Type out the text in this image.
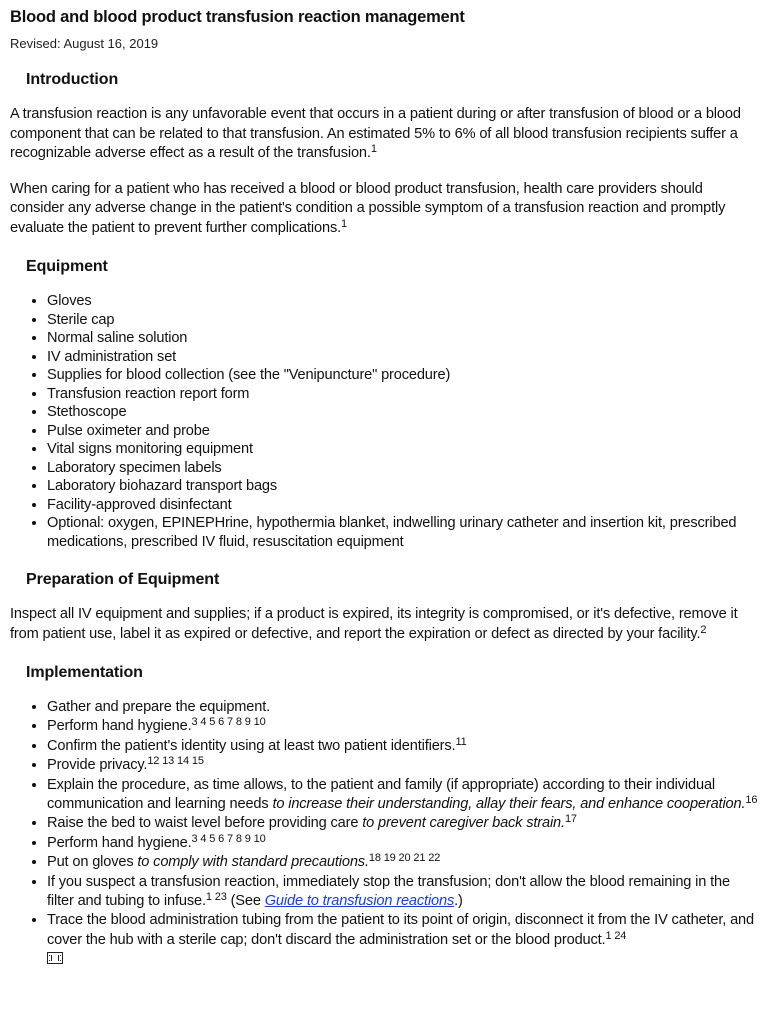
Blood and blood product transfusion reaction management
Revised: August 16, 2019
Introduction

A transfusion reaction is any unfavorable event that occurs in a patient during or after transfusion of blood or a blood component that can be related to that transfusion. An estimated 5% to 6% of all blood transfusion recipients suffer a recognizable adverse effect as a result of the transfusion.$^1$

When caring for a patient who has received a blood or blood product transfusion, health care providers should consider any adverse change in the patient's condition a possible symptom of a transfusion reaction and promptly evaluate the patient to prevent further complications.$^1$

Equipment
• Gloves
• Sterile cap
• Normal saline solution
• IV administration set
• Supplies for blood collection (see the "Venipuncture" procedure)
• Transfusion reaction report form
• Stethoscope
• Pulse oximeter and probe
• Vital signs monitoring equipment
• Laboratory specimen labels
• Laboratory biohazard transport bags
• Facility-approved disinfectant
• Optional: oxygen, EPINEPHrine, hypothermia blanket, indwelling urinary catheter and insertion kit, prescribed medications, prescribed IV fluid, resuscitation equipment
Preparation of Equipment

Inspect all IV equipment and supplies; if a product is expired, its integrity is compromised, or it's defective, remove it from patient use, label it as expired or defective, and report the expiration or defect as directed by your facility.$^2$

Implementation
• Gather and prepare the equipment.
• Perform hand hygiene.$^{3 4 5 6 7 8 9 10}$
• Confirm the patient's identity using at least two patient identifiers.$^{11}$
• Provide privacy.$^{12 13 14 15}$
• Explain the procedure, as time allows, to the patient and family (if appropriate) according to their individual communication and learning needs to increase their understanding, allay their fears, and enhance cooperation.$^{16}$
• Raise the bed to waist level before providing care to prevent caregiver back strain.$^{17}$
• Perform hand hygiene.$^{3 4 5 6 7 8 9 10}$
• Put on gloves to comply with standard precautions.$^{18 19 20 21 22}$
• If you suspect a transfusion reaction, immediately stop the transfusion; don't allow the blood remaining in the filter and tubing to infuse.$^{1 23}$ (See Guide to transfusion reactions.)
• Trace the blood administration tubing from the patient to its point of origin, disconnect it from the IV catheter, and cover the hub with a sterile cap; don't discard the administration set or the blood product.$^{1 24}$
